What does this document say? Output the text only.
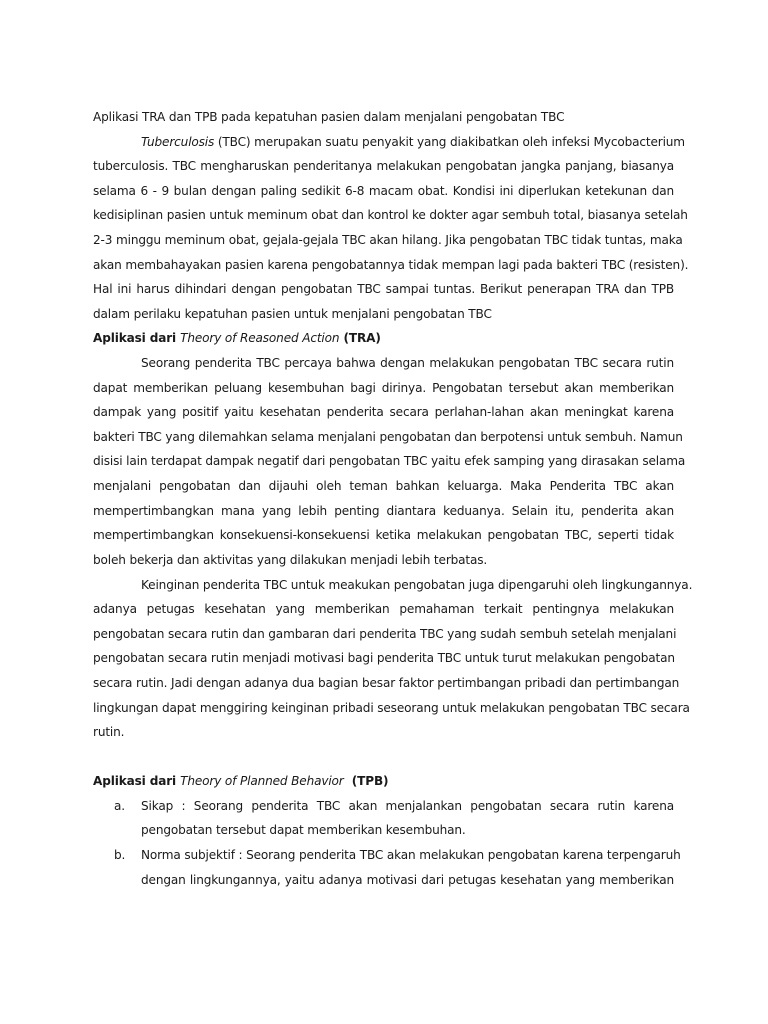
Aplikasi TRA dan TPB pada kepatuhan pasien dalam menjalani pengobatan TBC
Tuberculosis (TBC) merupakan suatu penyakit yang diakibatkan oleh infeksi Mycobacterium
tuberculosis. TBC mengharuskan penderitanya melakukan pengobatan jangka panjang, biasanya
selama 6 - 9 bulan dengan paling sedikit 6-8 macam obat. Kondisi ini diperlukan ketekunan dan
kedisiplinan pasien untuk meminum obat dan kontrol ke dokter agar sembuh total, biasanya setelah
2-3 minggu meminum obat, gejala-gejala TBC akan hilang. Jika pengobatan TBC tidak tuntas, maka
akan membahayakan pasien karena pengobatannya tidak mempan lagi pada bakteri TBC (resisten).
Hal ini harus dihindari dengan pengobatan TBC sampai tuntas. Berikut penerapan TRA dan TPB
dalam perilaku kepatuhan pasien untuk menjalani pengobatan TBC
Aplikasi dari Theory of Reasoned Action (TRA)
Seorang penderita TBC percaya bahwa dengan melakukan pengobatan TBC secara rutin
dapat memberikan peluang kesembuhan bagi dirinya. Pengobatan tersebut akan memberikan
dampak yang positif yaitu kesehatan penderita secara perlahan-lahan akan meningkat karena
bakteri TBC yang dilemahkan selama menjalani pengobatan dan berpotensi untuk sembuh. Namun
disisi lain terdapat dampak negatif dari pengobatan TBC yaitu efek samping yang dirasakan selama
menjalani pengobatan dan dijauhi oleh teman bahkan keluarga. Maka Penderita TBC akan
mempertimbangkan mana yang lebih penting diantara keduanya. Selain itu, penderita akan
mempertimbangkan konsekuensi-konsekuensi ketika melakukan pengobatan TBC, seperti tidak
boleh bekerja dan aktivitas yang dilakukan menjadi lebih terbatas.
Keinginan penderita TBC untuk meakukan pengobatan juga dipengaruhi oleh lingkungannya.
adanya petugas kesehatan yang memberikan pemahaman terkait pentingnya melakukan
pengobatan secara rutin dan gambaran dari penderita TBC yang sudah sembuh setelah menjalani
pengobatan secara rutin menjadi motivasi bagi penderita TBC untuk turut melakukan pengobatan
secara rutin. Jadi dengan adanya dua bagian besar faktor pertimbangan pribadi dan pertimbangan
lingkungan dapat menggiring keinginan pribadi seseorang untuk melakukan pengobatan TBC secara
rutin.
Aplikasi dari Theory of Planned Behavior  (TPB)
a. Sikap : Seorang penderita TBC akan menjalankan pengobatan secara rutin karena
pengobatan tersebut dapat memberikan kesembuhan.
b. Norma subjektif : Seorang penderita TBC akan melakukan pengobatan karena terpengaruh
dengan lingkungannya, yaitu adanya motivasi dari petugas kesehatan yang memberikan
